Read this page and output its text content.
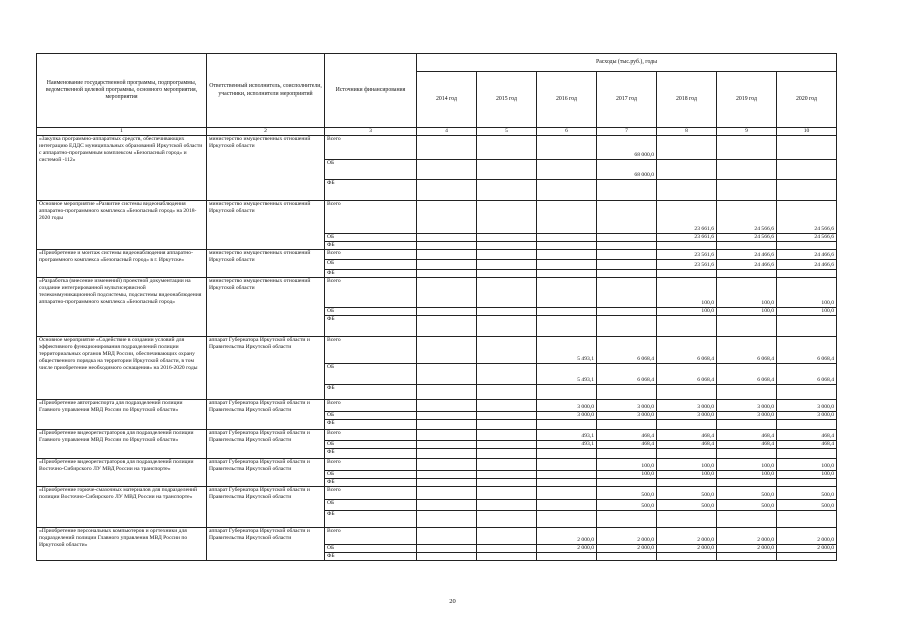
Наименование государственной программы, подпрограммы, ведомственной целевой программы, основного мероприятия, мероприятия	Ответственный исполнитель, соисполнители, участники, исполнители мероприятий	Источники финансирования	Расходы (тыс.руб.), годы						
			2014 год	2015 год	2016 год	2017 год	2018 год	2019 год	2020 год
1	2	3	4	5	6	7	8	9	10
«Закупка программно-аппаратных средств, обеспечивающих интеграцию ЕДДС муниципальных образований Иркутской области с аппаратно-программным комплексом «Безопасный город» и системой -112»	министерство имущественных отношений Иркутской области	Всего				68 000,0			
		ОБ				68 000,0			
		ФБ							
Основное мероприятие «Развитие системы видеонаблюдения аппаратно-программного комплекса «Безопасный город» на 2018-2020 годы	министерство имущественных отношений Иркутской области	Всего					23 661,6	24 566,6	24 566,6
		ОБ					23 661,6	24 566,6	24 566,6
		ФБ							
«Приобретение и монтаж системы видеонаблюдения аппаратно-программного комплекса «Безопасный город» в г. Иркутске»	министерство имущественных отношений Иркутской области	Всего					23 561,6	24 466,6	24 466,6
		ОБ					23 561,6	24 466,6	24 466,6
		ФБ							
«Разработка (внесение изменений) проектной документации на создание интегрированной мультисервисной телекоммуникационной подсистемы, подсистемы видеонаблюдения аппаратно-программного комплекса «Безопасный город»	министерство имущественных отношений Иркутской области	Всего					100,0	100,0	100,0
		ОБ					100,0	100,0	100,0
		ФБ							
Основное мероприятие «Содействие в создании условий для эффективного функционирования подразделений полиции территориальных органов МВД России, обеспечивающих охрану общественного порядка на территории Иркутской области, в том числе приобретение необходимого оснащения» на 2016-2020 годы	аппарат Губернатора Иркутской области и Правительства Иркутской области	Всего			5 493,1	6 068,4	6 068,4	6 068,4	6 068,4
		ОБ			5 493,1	6 068,4	6 068,4	6 068,4	6 068,4
		ФБ							
«Приобретение автотранспорта для подразделений полиции Главного управления МВД России по Иркутской области»	аппарат Губернатора Иркутской области и Правительства Иркутской области	Всего			3 000,0	3 000,0	3 000,0	3 000,0	3 000,0
		ОБ			3 000,0	3 000,0	3 000,0	3 000,0	3 000,0
		ФБ							
«Приобретение видеорегистраторов для подразделений полиции Главного управления МВД России по Иркутской области»	аппарат Губернатора Иркутской области и Правительства Иркутской области	Всего			493,1	468,4	468,4	468,4	468,4
		ОБ			493,1	468,4	468,4	468,4	468,4
		ФБ							
«Приобретение видеорегистраторов для подразделений полиции Восточно-Сибирского ЛУ МВД России на транспорте»	аппарат Губернатора Иркутской области и Правительства Иркутской области	Всего				100,0	100,0	100,0	100,0
		ОБ				100,0	100,0	100,0	100,0
		ФБ							
«Приобретение горюче-смазочных материалов для подразделений полиции Восточно-Сибирского ЛУ МВД России на транспорте»	аппарат Губернатора Иркутской области и Правительства Иркутской области	Всего				500,0	500,0	500,0	500,0
		ОБ				500,0	500,0	500,0	500,0
		ФБ							
«Приобретение персональных компьютеров и оргтехники для подразделений полиции Главного управления МВД России по Иркутской области»	аппарат Губернатора Иркутской области и Правительства Иркутской области	Всего			2 000,0	2 000,0	2 000,0	2 000,0	2 000,0
		ОБ			2 000,0	2 000,0	2 000,0	2 000,0	2 000,0
		ФБ							
20
